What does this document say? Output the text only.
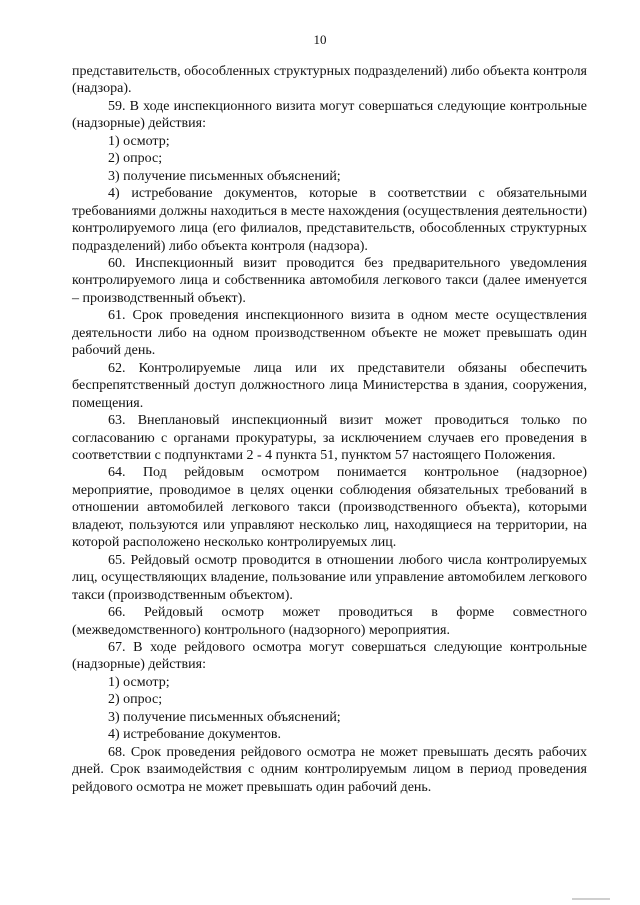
10

представительств, обособленных структурных подразделений) либо объекта контроля (надзора).

59. В ходе инспекционного визита могут совершаться следующие контрольные (надзорные) действия:

1) осмотр;

2) опрос;

3) получение письменных объяснений;

4) истребование документов, которые в соответствии с обязательными требованиями должны находиться в месте нахождения (осуществления деятельности) контролируемого лица (его филиалов, представительств, обособленных структурных подразделений) либо объекта контроля (надзора).

60. Инспекционный визит проводится без предварительного уведомления контролируемого лица и собственника автомобиля легкового такси (далее именуется – производственный объект).

61. Срок проведения инспекционного визита в одном месте осуществления деятельности либо на одном производственном объекте не может превышать один рабочий день.

62. Контролируемые лица или их представители обязаны обеспечить беспрепятственный доступ должностного лица Министерства в здания, сооружения, помещения.

63. Внеплановый инспекционный визит может проводиться только по согласованию с органами прокуратуры, за исключением случаев его проведения в соответствии с подпунктами 2 - 4 пункта 51, пунктом 57 настоящего Положения.

64. Под рейдовым осмотром понимается контрольное (надзорное) мероприятие, проводимое в целях оценки соблюдения обязательных требований в отношении автомобилей легкового такси (производственного объекта), которыми владеют, пользуются или управляют несколько лиц, находящиеся на территории, на которой расположено несколько контролируемых лиц.

65. Рейдовый осмотр проводится в отношении любого числа контролируемых лиц, осуществляющих владение, пользование или управление автомобилем легкового такси (производственным объектом).

66. Рейдовый осмотр может проводиться в форме совместного (межведомственного) контрольного (надзорного) мероприятия.

67. В ходе рейдового осмотра могут совершаться следующие контрольные (надзорные) действия:

1) осмотр;

2) опрос;

3) получение письменных объяснений;

4) истребование документов.

68. Срок проведения рейдового осмотра не может превышать десять рабочих дней. Срок взаимодействия с одним контролируемым лицом в период проведения рейдового осмотра не может превышать один рабочий день.
